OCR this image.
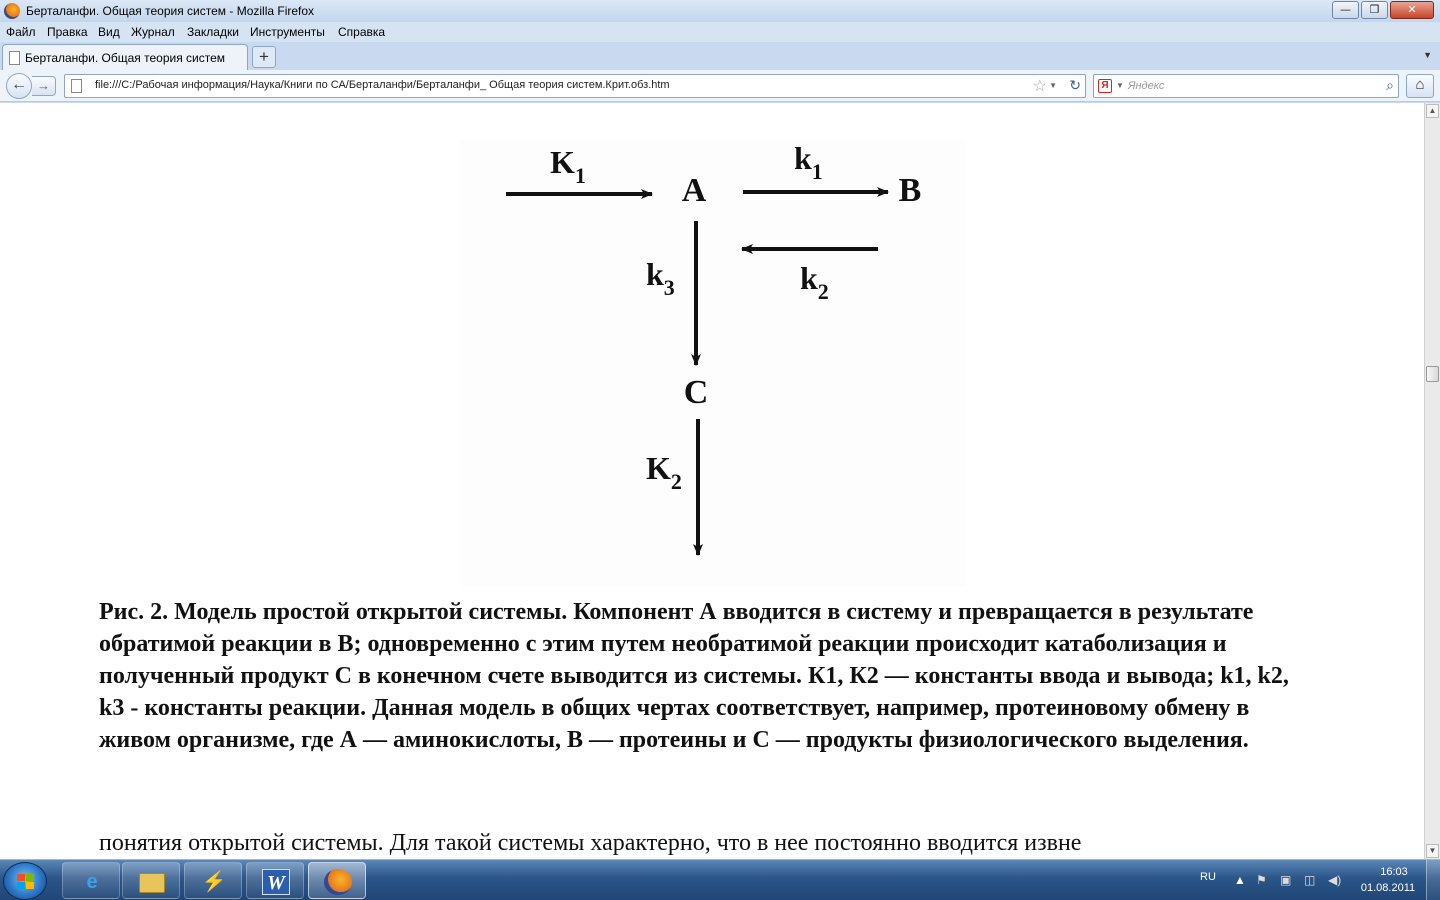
Берталанфи. Общая теория систем - Mozilla Firefox	—	❐	✕
Файл Правка Вид Журнал Закладки Инструменты Справка
Берталанфи. Общая теория систем	+	▼
← →	file:///C:/Рабочая информация/Наука/Книги по СА/Берталанфи/Берталанфи_ Общая теория систем.Крит.обз.htm	☆ ▼ ↻	Я ▼ Яндекс	⌕	⌂
A	B
C
$K_1$	$k_1$
$k_2$
$k_3$
$K_2$
Рис. 2. Модель простой открытой системы. Компонент А вводится в систему и превращается в результате обратимой реакции в В; одновременно с этим путем необратимой реакции происходит катаболизация и полученный продукт С в конечном счете выводится из системы. К1, К2 — константы ввода и вывода; k1, k2, k3 - константы реакции. Данная модель в общих чертах соответствует, например, протеиновому обмену в живом организме, где А — аминокислоты, В — протеины и С — продукты физиологического выделения.
понятия открытой системы. Для такой системы характерно, что в нее постоянно вводится извне
▲
▼
e	⚡ W	RU ▲ ⚑ ▣ ◫ ◀)
16:03
01.08.2011
